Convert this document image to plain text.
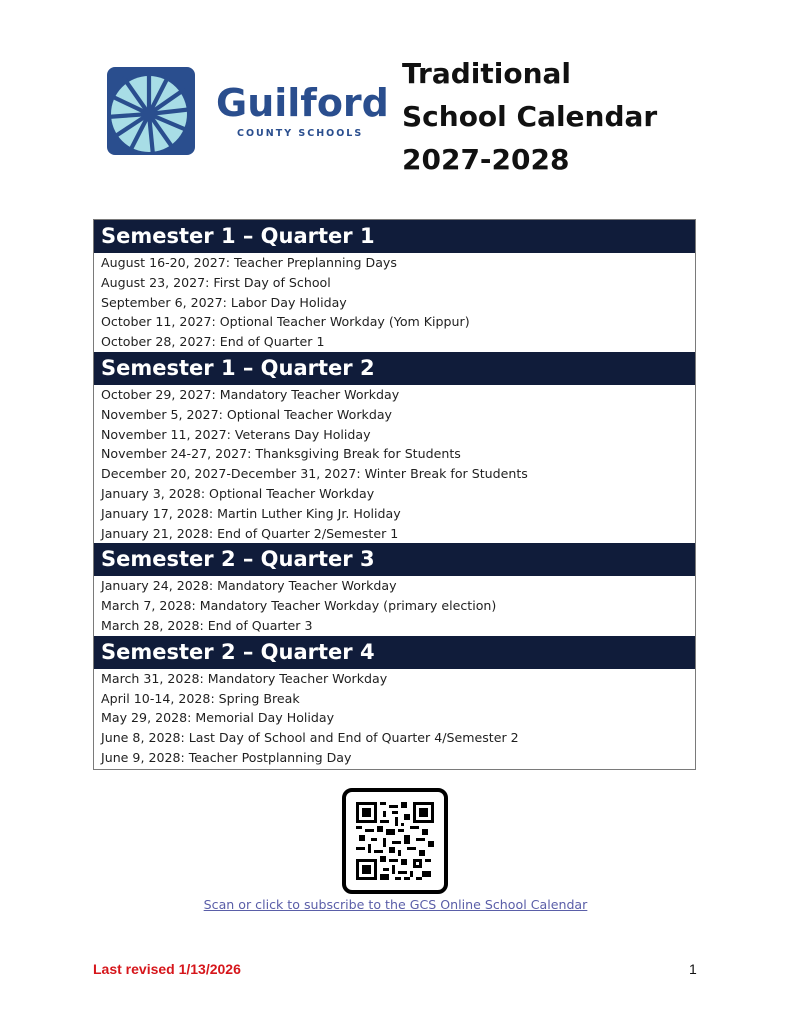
Guilford
COUNTY SCHOOLS
Traditional
School Calendar
2027-2028
Semester 1 – Quarter 1
August 16-20, 2027: Teacher Preplanning Days
August 23, 2027: First Day of School
September 6, 2027: Labor Day Holiday
October 11, 2027: Optional Teacher Workday (Yom Kippur)
October 28, 2027: End of Quarter 1
Semester 1 – Quarter 2
October 29, 2027: Mandatory Teacher Workday
November 5, 2027: Optional Teacher Workday
November 11, 2027: Veterans Day Holiday
November 24-27, 2027: Thanksgiving Break for Students
December 20, 2027-December 31, 2027: Winter Break for Students
January 3, 2028: Optional Teacher Workday
January 17, 2028: Martin Luther King Jr. Holiday
January 21, 2028: End of Quarter 2/Semester 1
Semester 2 – Quarter 3
January 24, 2028: Mandatory Teacher Workday
March 7, 2028: Mandatory Teacher Workday (primary election)
March 28, 2028: End of Quarter 3
Semester 2 – Quarter 4
March 31, 2028: Mandatory Teacher Workday
April 10-14, 2028: Spring Break
May 29, 2028: Memorial Day Holiday
June 8, 2028: Last Day of School and End of Quarter 4/Semester 2
June 9, 2028: Teacher Postplanning Day
Scan or click to subscribe to the GCS Online School Calendar
Last revised 1/13/2026	1
